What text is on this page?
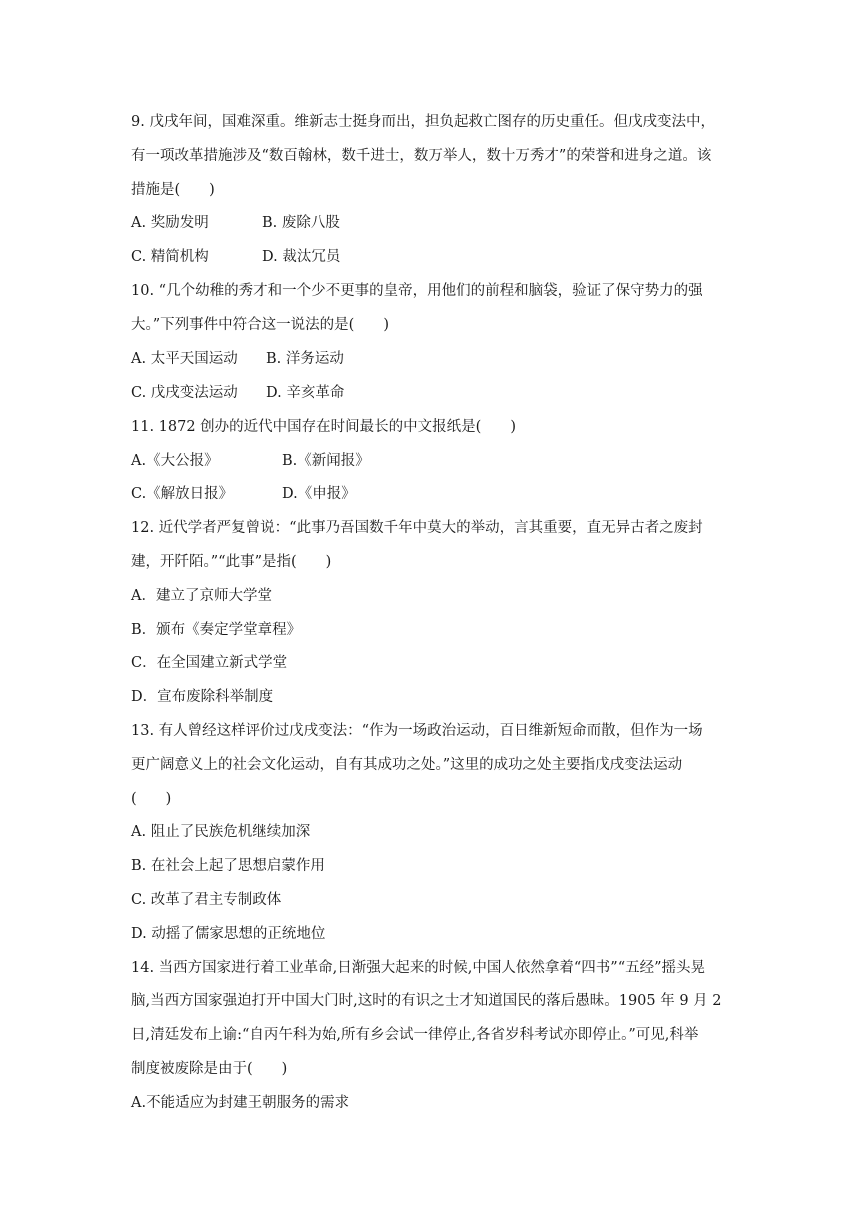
9. 戊戌年间，国难深重。维新志士挺身而出，担负起救亡图存的历史重任。但戊戌变法中，
有一项改革措施涉及“数百翰林，数千进士，数万举人，数十万秀才”的荣誉和进身之道。该
措施是(　　)
A. 奖励发明	B. 废除八股
C. 精简机构	D. 裁汰冗员
10. “几个幼稚的秀才和一个少不更事的皇帝，用他们的前程和脑袋，验证了保守势力的强
大。”下列事件中符合这一说法的是(　　)
A. 太平天国运动 B. 洋务运动
C. 戊戌变法运动 D. 辛亥革命
11. 1872 创办的近代中国存在时间最长的中文报纸是(　　)
A.《大公报》	B.《新闻报》
C.《解放日报》	D.《申报》
12. 近代学者严复曾说：“此事乃吾国数千年中莫大的举动，言其重要，直无异古者之废封
建，开阡陌。”“此事”是指(　　)
A．建立了京师大学堂
B．颁布《奏定学堂章程》
C．在全国建立新式学堂
D．宣布废除科举制度
13. 有人曾经这样评价过戊戌变法：“作为一场政治运动，百日维新短命而散，但作为一场
更广阔意义上的社会文化运动，自有其成功之处。”这里的成功之处主要指戊戌变法运动
(　　)
A. 阻止了民族危机继续加深
B. 在社会上起了思想启蒙作用
C. 改革了君主专制政体
D. 动摇了儒家思想的正统地位
14. 当西方国家进行着工业革命,日渐强大起来的时候,中国人依然拿着“四书”“五经”摇头晃
脑,当西方国家强迫打开中国大门时,这时的有识之士才知道国民的落后愚昧。1905 年 9 月 2
日,清廷发布上谕:“自丙午科为始,所有乡会试一律停止,各省岁科考试亦即停止。”可见,科举
制度被废除是由于(　　)
A.不能适应为封建王朝服务的需求
